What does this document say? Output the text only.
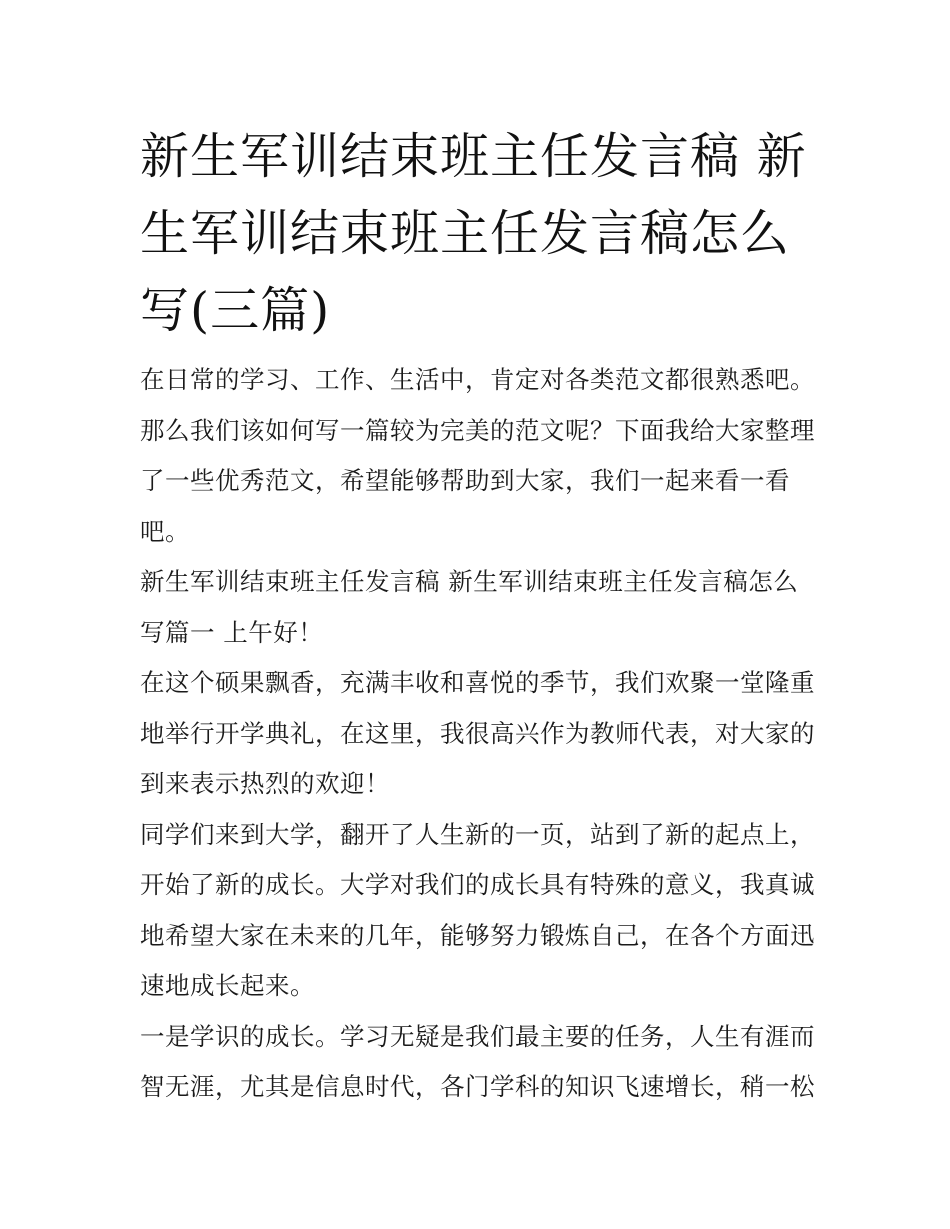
新生军训结束班主任发言稿 新生军训结束班主任发言稿怎么写(三篇)

在日常的学习、工作、生活中，肯定对各类范文都很熟悉吧。那么我们该如何写一篇较为完美的范文呢？下面我给大家整理了一些优秀范文，希望能够帮助到大家，我们一起来看一看吧。

新生军训结束班主任发言稿 新生军训结束班主任发言稿怎么写篇一 上午好！

在这个硕果飘香，充满丰收和喜悦的季节，我们欢聚一堂隆重地举行开学典礼，在这里，我很高兴作为教师代表，对大家的到来表示热烈的欢迎！

同学们来到大学，翻开了人生新的一页，站到了新的起点上，开始了新的成长。大学对我们的成长具有特殊的意义，我真诚地希望大家在未来的几年，能够努力锻炼自己，在各个方面迅速地成长起来。

一是学识的成长。学习无疑是我们最主要的任务，人生有涯而智无涯，尤其是信息时代，各门学科的知识飞速增长，稍一松
